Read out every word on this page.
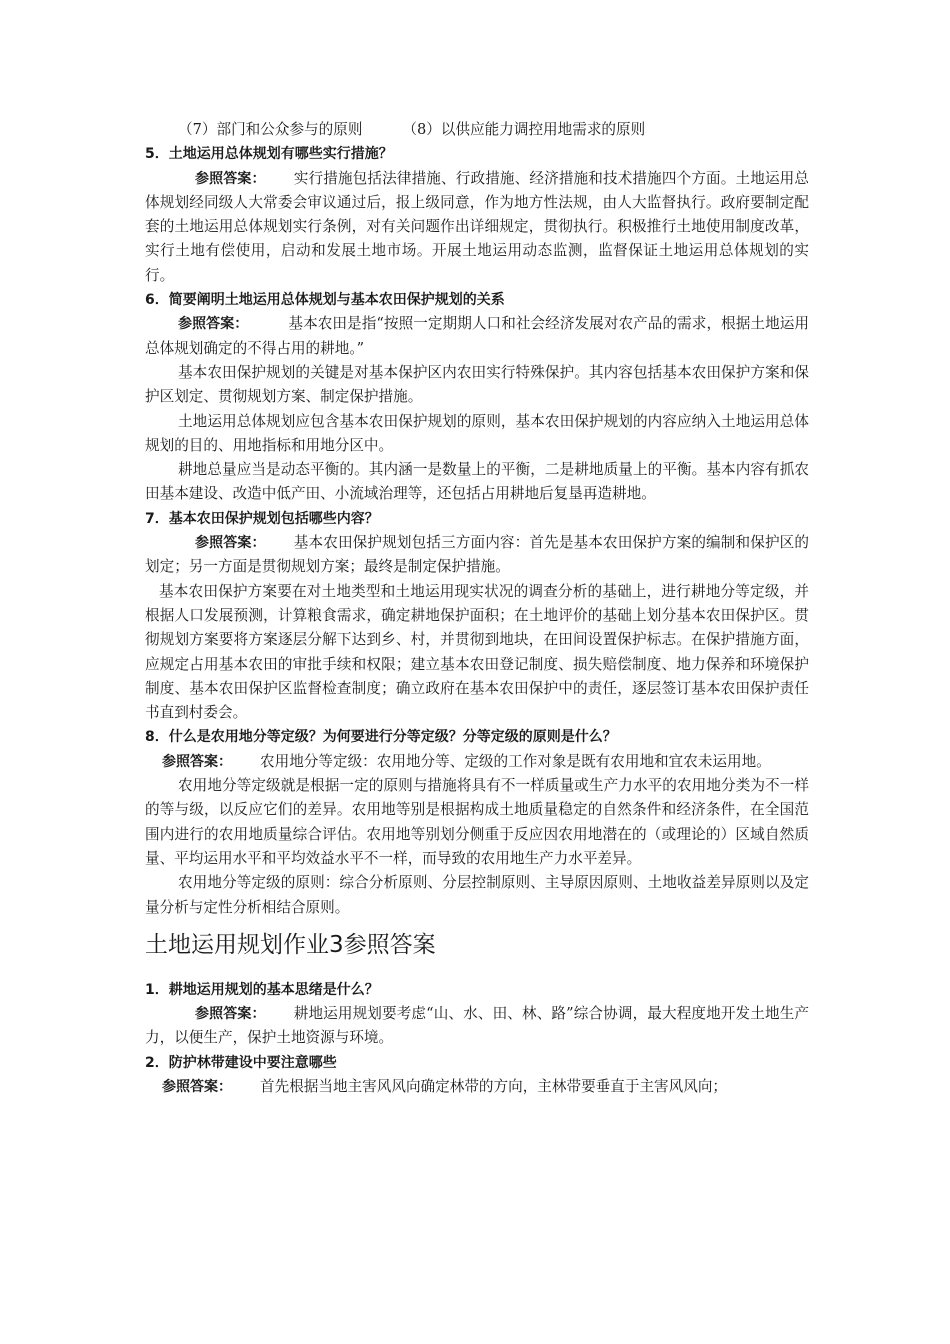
（7）部门和公众参与的原则	（8）以供应能力调控用地需求的原则

5．土地运用总体规划有哪些实行措施？

参照答案： 实行措施包括法律措施、行政措施、经济措施和技术措施四个方面。土地运用总体规划经同级人大常委会审议通过后，报上级同意，作为地方性法规，由人大监督执行。政府要制定配套的土地运用总体规划实行条例，对有关问题作出详细规定，贯彻执行。积极推行土地使用制度改革，实行土地有偿使用，启动和发展土地市场。开展土地运用动态监测，监督保证土地运用总体规划的实行。

6．简要阐明土地运用总体规划与基本农田保护规划的关系

参照答案：	基本农田是指“按照一定期期人口和社会经济发展对农产品的需求，根据土地运用总体规划确定的不得占用的耕地。”

基本农田保护规划的关键是对基本保护区内农田实行特殊保护。其内容包括基本农田保护方案和保护区划定、贯彻规划方案、制定保护措施。

土地运用总体规划应包含基本农田保护规划的原则，基本农田保护规划的内容应纳入土地运用总体规划的目的、用地指标和用地分区中。

耕地总量应当是动态平衡的。其内涵一是数量上的平衡，二是耕地质量上的平衡。基本内容有抓农田基本建设、改造中低产田、小流域治理等，还包括占用耕地后复垦再造耕地。

7．基本农田保护规划包括哪些内容？

参照答案： 基本农田保护规划包括三方面内容：首先是基本农田保护方案的编制和保护区的划定；另一方面是贯彻规划方案；最终是制定保护措施。

基本农田保护方案要在对土地类型和土地运用现实状况的调查分析的基础上，进行耕地分等定级，并根据人口发展预测，计算粮食需求，确定耕地保护面积；在土地评价的基础上划分基本农田保护区。贯彻规划方案要将方案逐层分解下达到乡、村，并贯彻到地块，在田间设置保护标志。在保护措施方面，应规定占用基本农田的审批手续和权限；建立基本农田登记制度、损失赔偿制度、地力保养和环境保护制度、基本农田保护区监督检查制度；确立政府在基本农田保护中的责任，逐层签订基本农田保护责任书直到村委会。

8．什么是农用地分等定级？为何要进行分等定级？分等定级的原则是什么？

参照答案： 农用地分等定级：农用地分等、定级的工作对象是既有农用地和宜农未运用地。

农用地分等定级就是根据一定的原则与措施将具有不一样质量或生产力水平的农用地分类为不一样的等与级，以反应它们的差异。农用地等别是根据构成土地质量稳定的自然条件和经济条件，在全国范围内进行的农用地质量综合评估。农用地等别划分侧重于反应因农用地潜在的（或理论的）区域自然质量、平均运用水平和平均效益水平不一样，而导致的农用地生产力水平差异。

农用地分等定级的原则：综合分析原则、分层控制原则、主导原因原则、土地收益差异原则以及定量分析与定性分析相结合原则。

土地运用规划作业3参照答案

1．耕地运用规划的基本思绪是什么？

参照答案： 耕地运用规划要考虑“山、水、田、林、路”综合协调，最大程度地开发土地生产力，以便生产，保护土地资源与环境。

2．防护林带建设中要注意哪些

参照答案： 首先根据当地主害风风向确定林带的方向，主林带要垂直于主害风风向；
